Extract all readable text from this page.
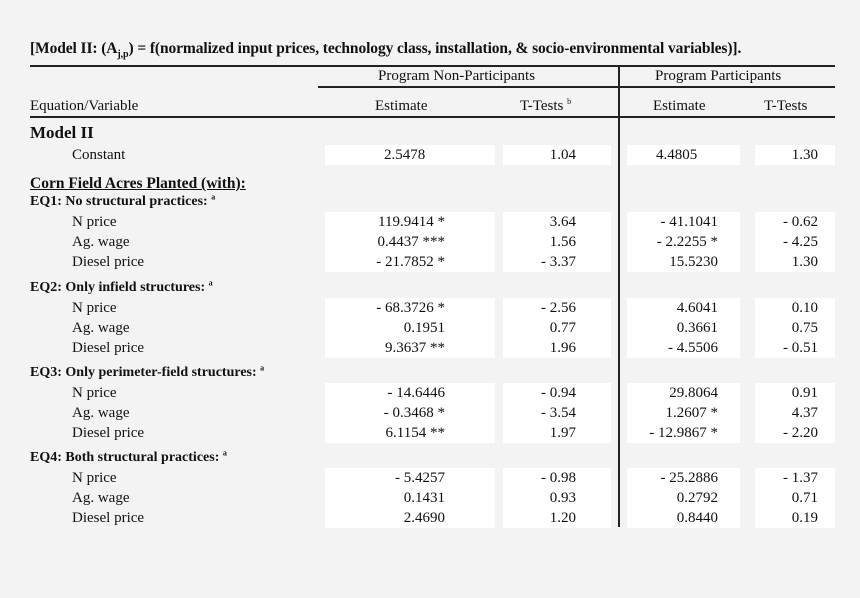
[Model II: $(A_{j,p})$ = f(normalized input prices, technology class, installation, & socio-environmental variables)].
Program Non-Participants	Program Participants
Equation/Variable	Estimate	T-Tests $^b$	Estimate	T-Tests
Model II
Constant	2.5478	1.04	4.4805	1.30
Corn Field Acres Planted (with):
EQ1: No structural practices: $^a$
N price	119.9414 *	3.64	- 41.1041	- 0.62
Ag. wage	0.4437 ***	1.56	- 2.2255 *	- 4.25
Diesel price	- 21.7852 *	- 3.37	15.5230	1.30
EQ2: Only infield structures: $^a$
N price	- 68.3726 *	- 2.56	4.6041	0.10
Ag. wage	0.1951	0.77	0.3661	0.75
Diesel price	9.3637 **	1.96	- 4.5506	- 0.51
EQ3: Only perimeter-field structures: $^a$
N price	- 14.6446	- 0.94	29.8064	0.91
Ag. wage	- 0.3468 *	- 3.54	1.2607 *	4.37
Diesel price	6.1154 **	1.97	- 12.9867 *	- 2.20
EQ4: Both structural practices: $^a$
N price	- 5.4257	- 0.98	- 25.2886	- 1.37
Ag. wage	0.1431	0.93	0.2792	0.71
Diesel price	2.4690	1.20	0.8440	0.19
